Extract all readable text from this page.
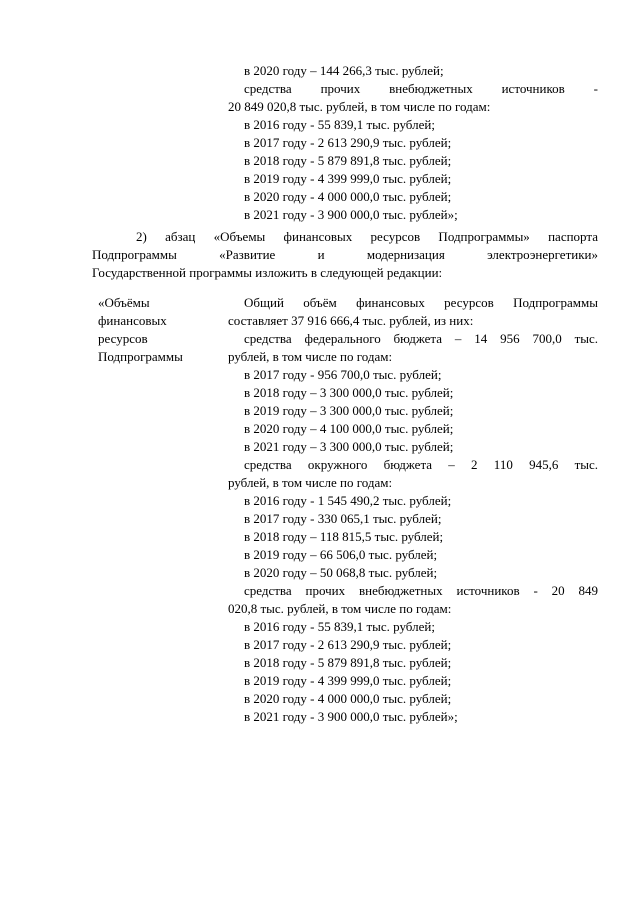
в 2020 году – 144 266,3 тыс. рублей;
средства прочих внебюджетных источников -
20 849 020,8 тыс. рублей, в том числе по годам:
в 2016 году - 55 839,1 тыс. рублей;
в 2017 году - 2 613 290,9 тыс. рублей;
в 2018 году - 5 879 891,8 тыс. рублей;
в 2019 году - 4 399 999,0 тыс. рублей;
в 2020 году - 4 000 000,0 тыс. рублей;
в 2021 году - 3 900 000,0 тыс. рублей»;
2) абзац «Объемы финансовых ресурсов Подпрограммы» паспорта
Подпрограммы «Развитие и модернизация электроэнергетики»
Государственной программы изложить в следующей редакции:
«Объёмы
финансовых
ресурсов
Подпрограммы
Общий объём финансовых ресурсов Подпрограммы
составляет 37 916 666,4 тыс. рублей, из них:
средства федерального бюджета – 14 956 700,0 тыс.
рублей, в том числе по годам:
в 2017 году - 956 700,0 тыс. рублей;
в 2018 году – 3 300 000,0 тыс. рублей;
в 2019 году – 3 300 000,0 тыс. рублей;
в 2020 году – 4 100 000,0 тыс. рублей;
в 2021 году – 3 300 000,0 тыс. рублей;
средства окружного бюджета – 2 110 945,6 тыс.
рублей, в том числе по годам:
в 2016 году - 1 545 490,2 тыс. рублей;
в 2017 году - 330 065,1 тыс. рублей;
в 2018 году – 118 815,5 тыс. рублей;
в 2019 году – 66 506,0 тыс. рублей;
в 2020 году – 50 068,8 тыс. рублей;
средства прочих внебюджетных источников - 20 849
020,8 тыс. рублей, в том числе по годам:
в 2016 году - 55 839,1 тыс. рублей;
в 2017 году - 2 613 290,9 тыс. рублей;
в 2018 году - 5 879 891,8 тыс. рублей;
в 2019 году - 4 399 999,0 тыс. рублей;
в 2020 году - 4 000 000,0 тыс. рублей;
в 2021 году - 3 900 000,0 тыс. рублей»;
